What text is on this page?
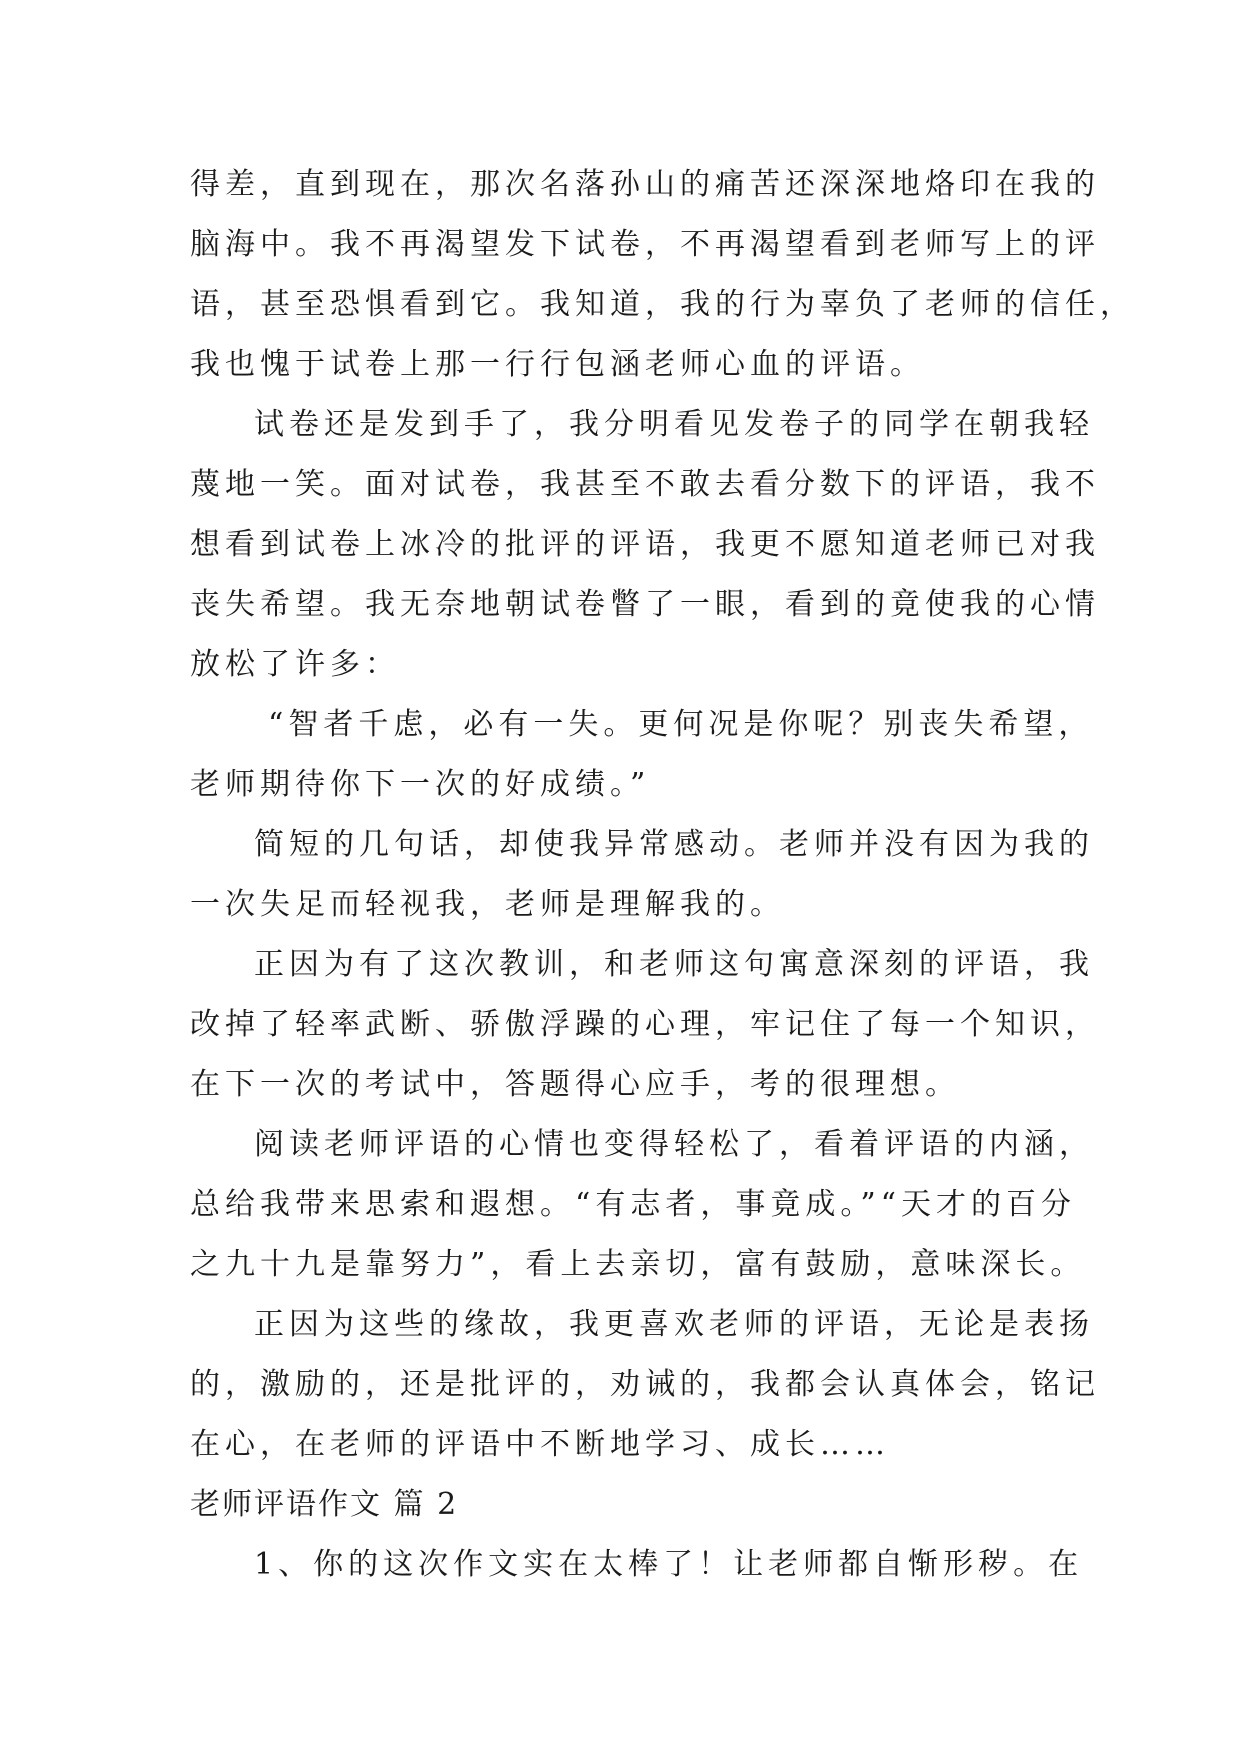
得差，直到现在，那次名落孙山的痛苦还深深地烙印在我的
脑海中。我不再渴望发下试卷，不再渴望看到老师写上的评
语，甚至恐惧看到它。我知道，我的行为辜负了老师的信任，
我也愧于试卷上那一行行包涵老师心血的评语。
试卷还是发到手了，我分明看见发卷子的同学在朝我轻
蔑地一笑。面对试卷，我甚至不敢去看分数下的评语，我不
想看到试卷上冰冷的批评的评语，我更不愿知道老师已对我
丧失希望。我无奈地朝试卷瞥了一眼，看到的竟使我的心情
放松了许多：
“智者千虑，必有一失。更何况是你呢？别丧失希望，
老师期待你下一次的好成绩。”
简短的几句话，却使我异常感动。老师并没有因为我的
一次失足而轻视我，老师是理解我的。
正因为有了这次教训，和老师这句寓意深刻的评语，我
改掉了轻率武断、骄傲浮躁的心理，牢记住了每一个知识，
在下一次的考试中，答题得心应手，考的很理想。
阅读老师评语的心情也变得轻松了，看着评语的内涵，
总给我带来思索和遐想。“有志者，事竟成。”“天才的百分
之九十九是靠努力”，看上去亲切，富有鼓励，意味深长。
正因为这些的缘故，我更喜欢老师的评语，无论是表扬
的，激励的，还是批评的，劝诫的，我都会认真体会，铭记
在心，在老师的评语中不断地学习、成长……
老师评语作文 篇 2
1、你的这次作文实在太棒了！让老师都自惭形秽。在
